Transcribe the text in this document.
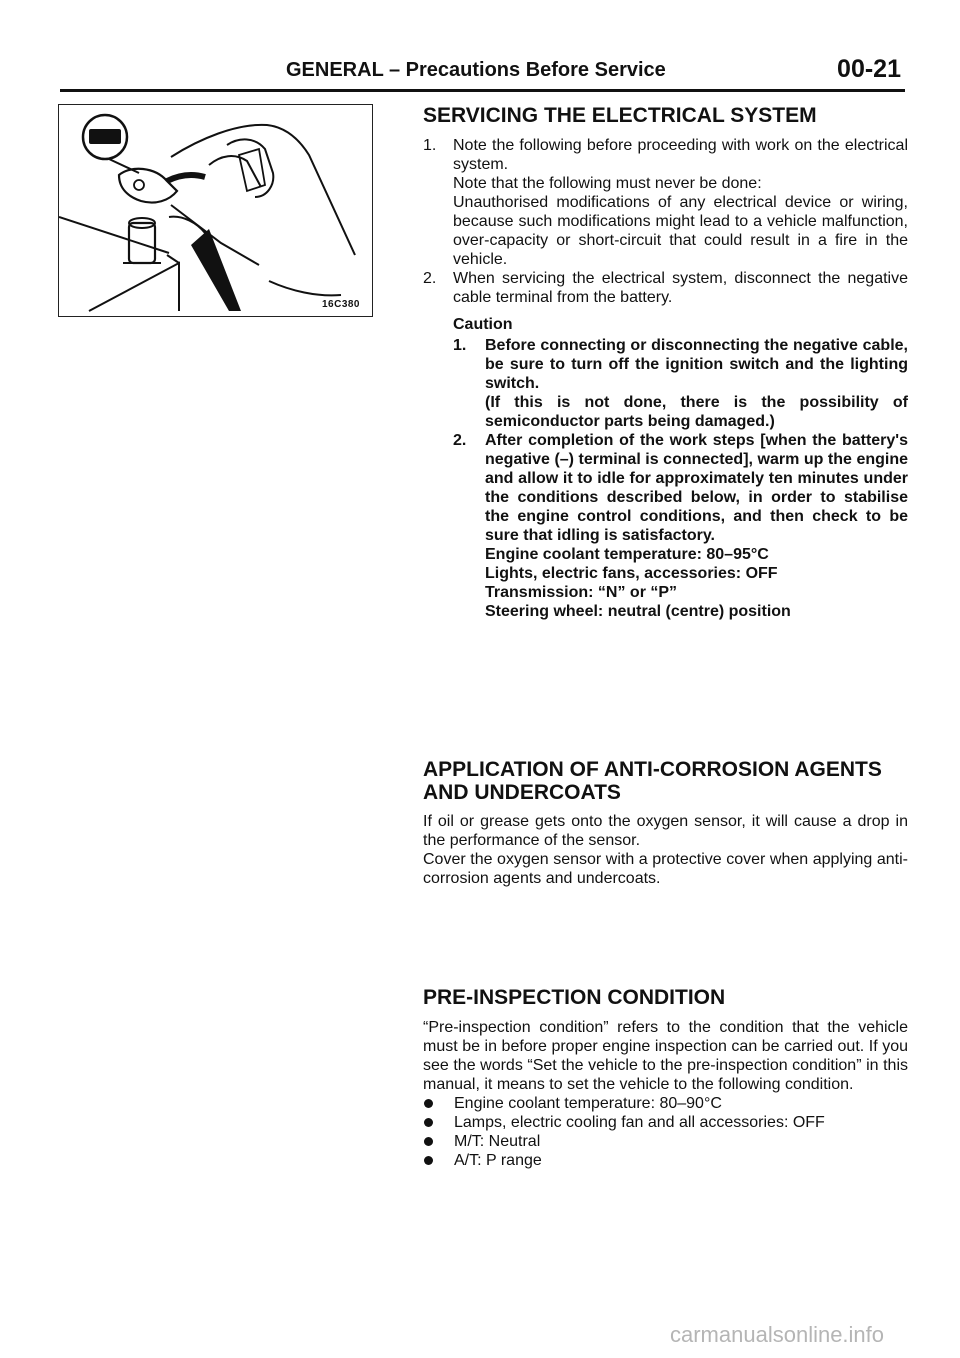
GENERAL – Precautions Before Service	00-21
16C380
SERVICING THE ELECTRICAL SYSTEM
1. Note the following before proceeding with work on the electrical system.

Note that the following must never be done:

Unauthorised modifications of any electrical device or wiring, because such modifications might lead to a vehicle malfunction, over-capacity or short-circuit that could result in a fire in the vehicle.

2. When servicing the electrical system, disconnect the negative cable terminal from the battery.

Caution
1. Before connecting or disconnecting the negative cable, be sure to turn off the ignition switch and the lighting switch.

(If this is not done, there is the possibility of semiconductor parts being damaged.)

2. After completion of the work steps [when the battery's negative (–) terminal is connected], warm up the engine and allow it to idle for approximately ten minutes under the conditions described below, in order to stabilise the engine control conditions, and then check to be sure that idling is satisfactory.

Engine coolant temperature: 80–95°C

Lights, electric fans, accessories: OFF

Transmission: “N” or “P”

Steering wheel: neutral (centre) position

APPLICATION OF ANTI-CORROSION AGENTS
AND UNDERCOATS

If oil or grease gets onto the oxygen sensor, it will cause a drop in the performance of the sensor.

Cover the oxygen sensor with a protective cover when applying anti-corrosion agents and undercoats.

PRE-INSPECTION CONDITION

“Pre-inspection condition” refers to the condition that the vehicle must be in before proper engine inspection can be carried out. If you see the words “Set the vehicle to the pre-inspection condition” in this manual, it means to set the vehicle to the following condition.

Engine coolant temperature: 80–90°C
Lamps, electric cooling fan and all accessories: OFF
M/T: Neutral
A/T: P range
carmanualsonline.info
